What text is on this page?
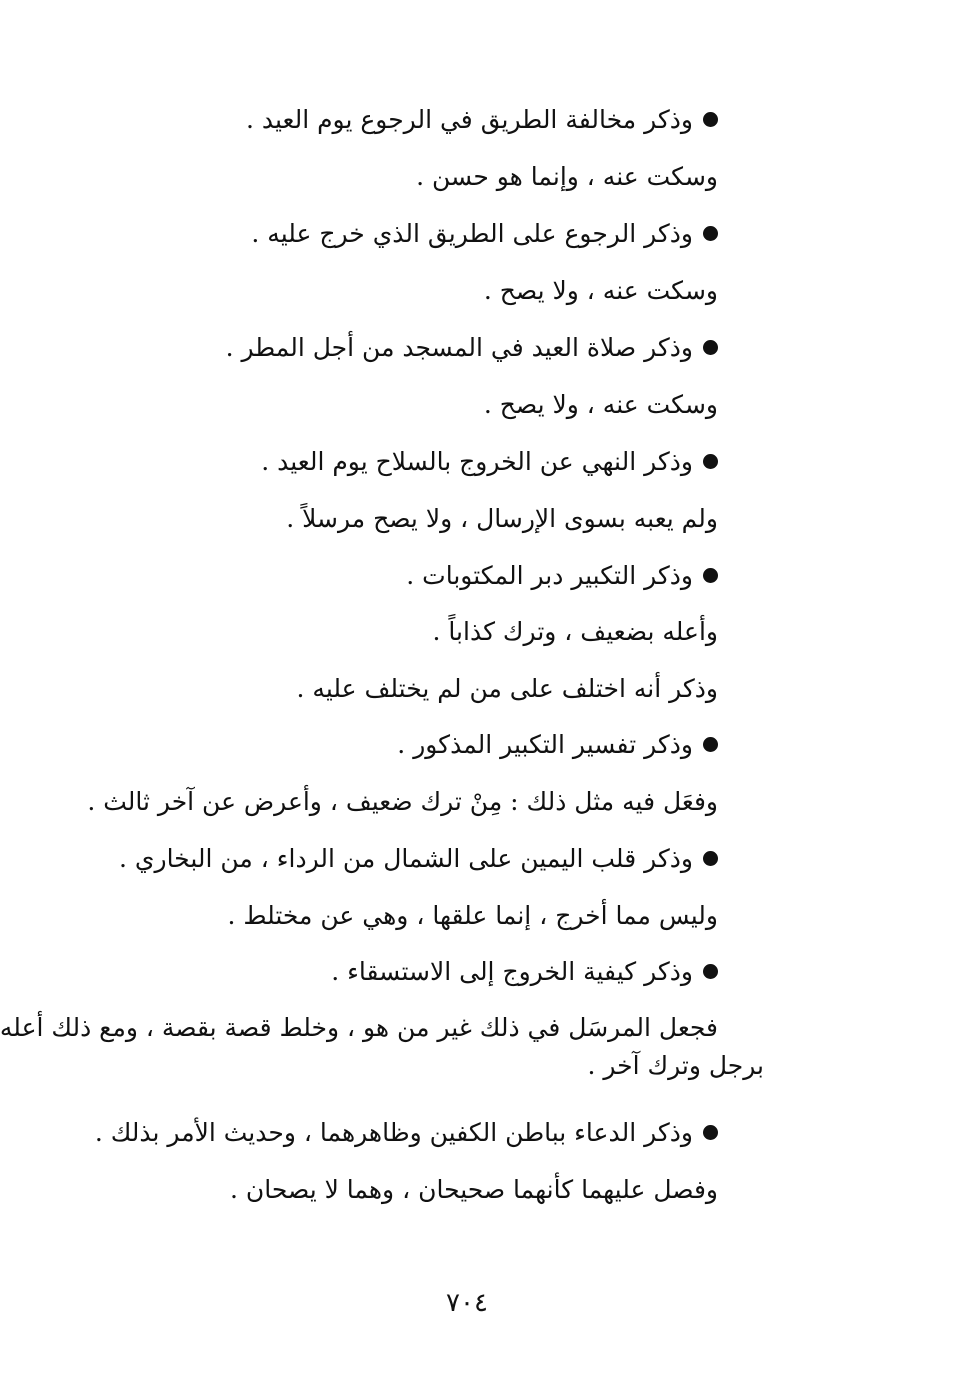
وذكر مخالفة الطريق في الرجوع يوم العيد .
وسكت عنه ، وإنما هو حسن .
وذكر الرجوع على الطريق الذي خرج عليه .
وسكت عنه ، ولا يصح .
وذكر صلاة العيد في المسجد من أجل المطر .
وسكت عنه ، ولا يصح .
وذكر النهي عن الخروج بالسلاح يوم العيد .
ولم يعبه بسوى الإرسال ، ولا يصح مرسلاً .
وذكر التكبير دبر المكتوبات .
وأعله بضعيف ، وترك كذاباً .
وذكر أنه اختلف على من لم يختلف عليه .
وذكر تفسير التكبير المذكور .
وفعَل فيه مثل ذلك : مِنْ ترك ضعيف ، وأعرض عن آخر ثالث .
وذكر قلب اليمين على الشمال من الرداء ، من البخاري .
وليس مما أخرج ، إنما علقها ، وهي عن مختلط .
وذكر كيفية الخروج إلى الاستسقاء .
فجعل المرسَل في ذلك غير من هو ، وخلط قصة بقصة ، ومع ذلك أعله
برجل وترك آخر .
وذكر الدعاء بباطن الكفين وظاهرهما ، وحديث الأمر بذلك .
وفصل عليهما كأنهما صحيحان ، وهما لا يصحان .
٧٠٤
